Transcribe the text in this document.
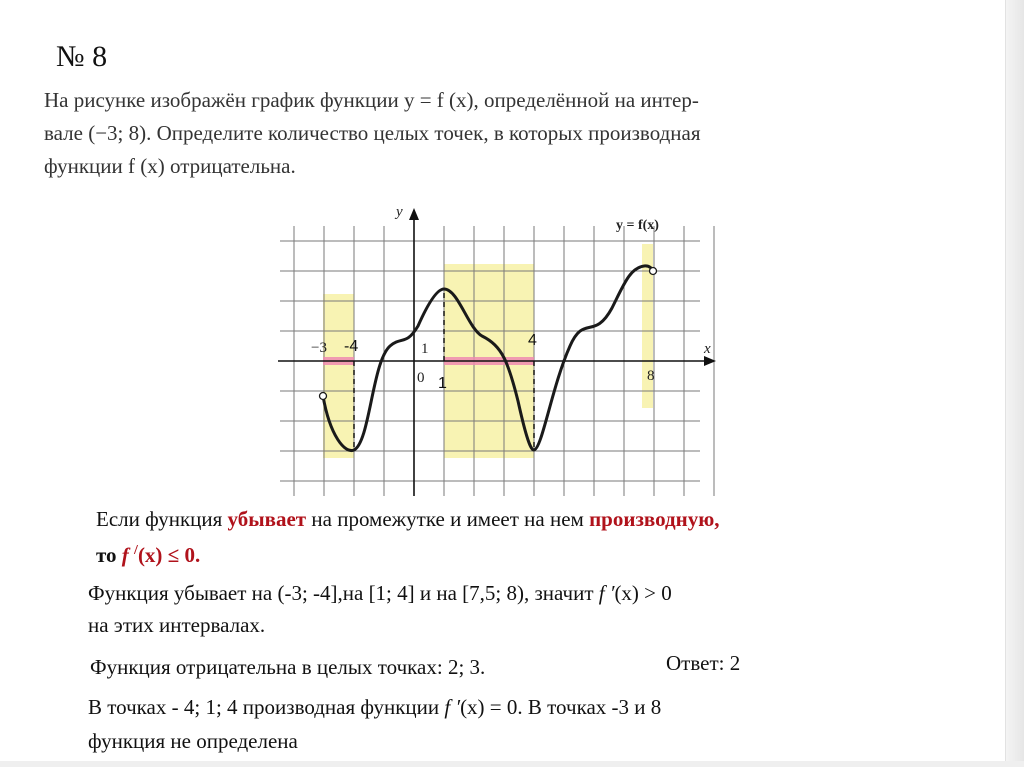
№ 8
На рисунке изображён график функции y = f (x), определённой на интер-
вале (−3; 8). Определите количество целых точек, в которых производная
функции f (x) отрицательна.
y
x
y = f(x)
−3
8
1
0
-4
1
4
Если функция убывает на промежутке и имеет на нем производную,
то f /(x) ≤ 0.
Функция убывает на (-3; -4],на [1; 4] и на [7,5; 8), значит f ′(x) > 0
на этих интервалах.
Функция отрицательна в целых точках: 2; 3.	Ответ: 2
В точках - 4; 1; 4 производная функции f ′(x) = 0. В точках -3 и 8
функция не определена
